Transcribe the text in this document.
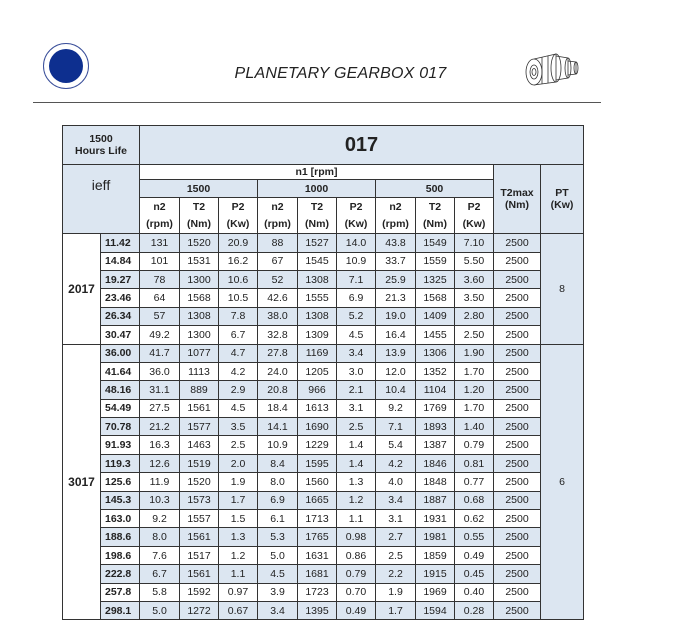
PLANETARY GEARBOX 017
1500
Hours Life		017										
ieff		n1 [rpm]									T2max
(Nm)	PT
(Kw)
		1500			1000			500				
		n2	T2	P2	n2	T2	P2	n2	T2	P2		
		(rpm)	(Nm)	(Kw)	(rpm)	(Nm)	(Kw)	(rpm)	(Nm)	(Kw)		
2017	11.42	131	1520	20.9	88	1527	14.0	43.8	1549	7.10	2500	8
	14.84	101	1531	16.2	67	1545	10.9	33.7	1559	5.50	2500	
	19.27	78	1300	10.6	52	1308	7.1	25.9	1325	3.60	2500	
	23.46	64	1568	10.5	42.6	1555	6.9	21.3	1568	3.50	2500	
	26.34	57	1308	7.8	38.0	1308	5.2	19.0	1409	2.80	2500	
	30.47	49.2	1300	6.7	32.8	1309	4.5	16.4	1455	2.50	2500	
3017	36.00	41.7	1077	4.7	27.8	1169	3.4	13.9	1306	1.90	2500	6
	41.64	36.0	1113	4.2	24.0	1205	3.0	12.0	1352	1.70	2500	
	48.16	31.1	889	2.9	20.8	966	2.1	10.4	1104	1.20	2500	
	54.49	27.5	1561	4.5	18.4	1613	3.1	9.2	1769	1.70	2500	
	70.78	21.2	1577	3.5	14.1	1690	2.5	7.1	1893	1.40	2500	
	91.93	16.3	1463	2.5	10.9	1229	1.4	5.4	1387	0.79	2500	
	119.3	12.6	1519	2.0	8.4	1595	1.4	4.2	1846	0.81	2500	
	125.6	11.9	1520	1.9	8.0	1560	1.3	4.0	1848	0.77	2500	
	145.3	10.3	1573	1.7	6.9	1665	1.2	3.4	1887	0.68	2500	
	163.0	9.2	1557	1.5	6.1	1713	1.1	3.1	1931	0.62	2500	
	188.6	8.0	1561	1.3	5.3	1765	0.98	2.7	1981	0.55	2500	
	198.6	7.6	1517	1.2	5.0	1631	0.86	2.5	1859	0.49	2500	
	222.8	6.7	1561	1.1	4.5	1681	0.79	2.2	1915	0.45	2500	
	257.8	5.8	1592	0.97	3.9	1723	0.70	1.9	1969	0.40	2500	
	298.1	5.0	1272	0.67	3.4	1395	0.49	1.7	1594	0.28	2500	
